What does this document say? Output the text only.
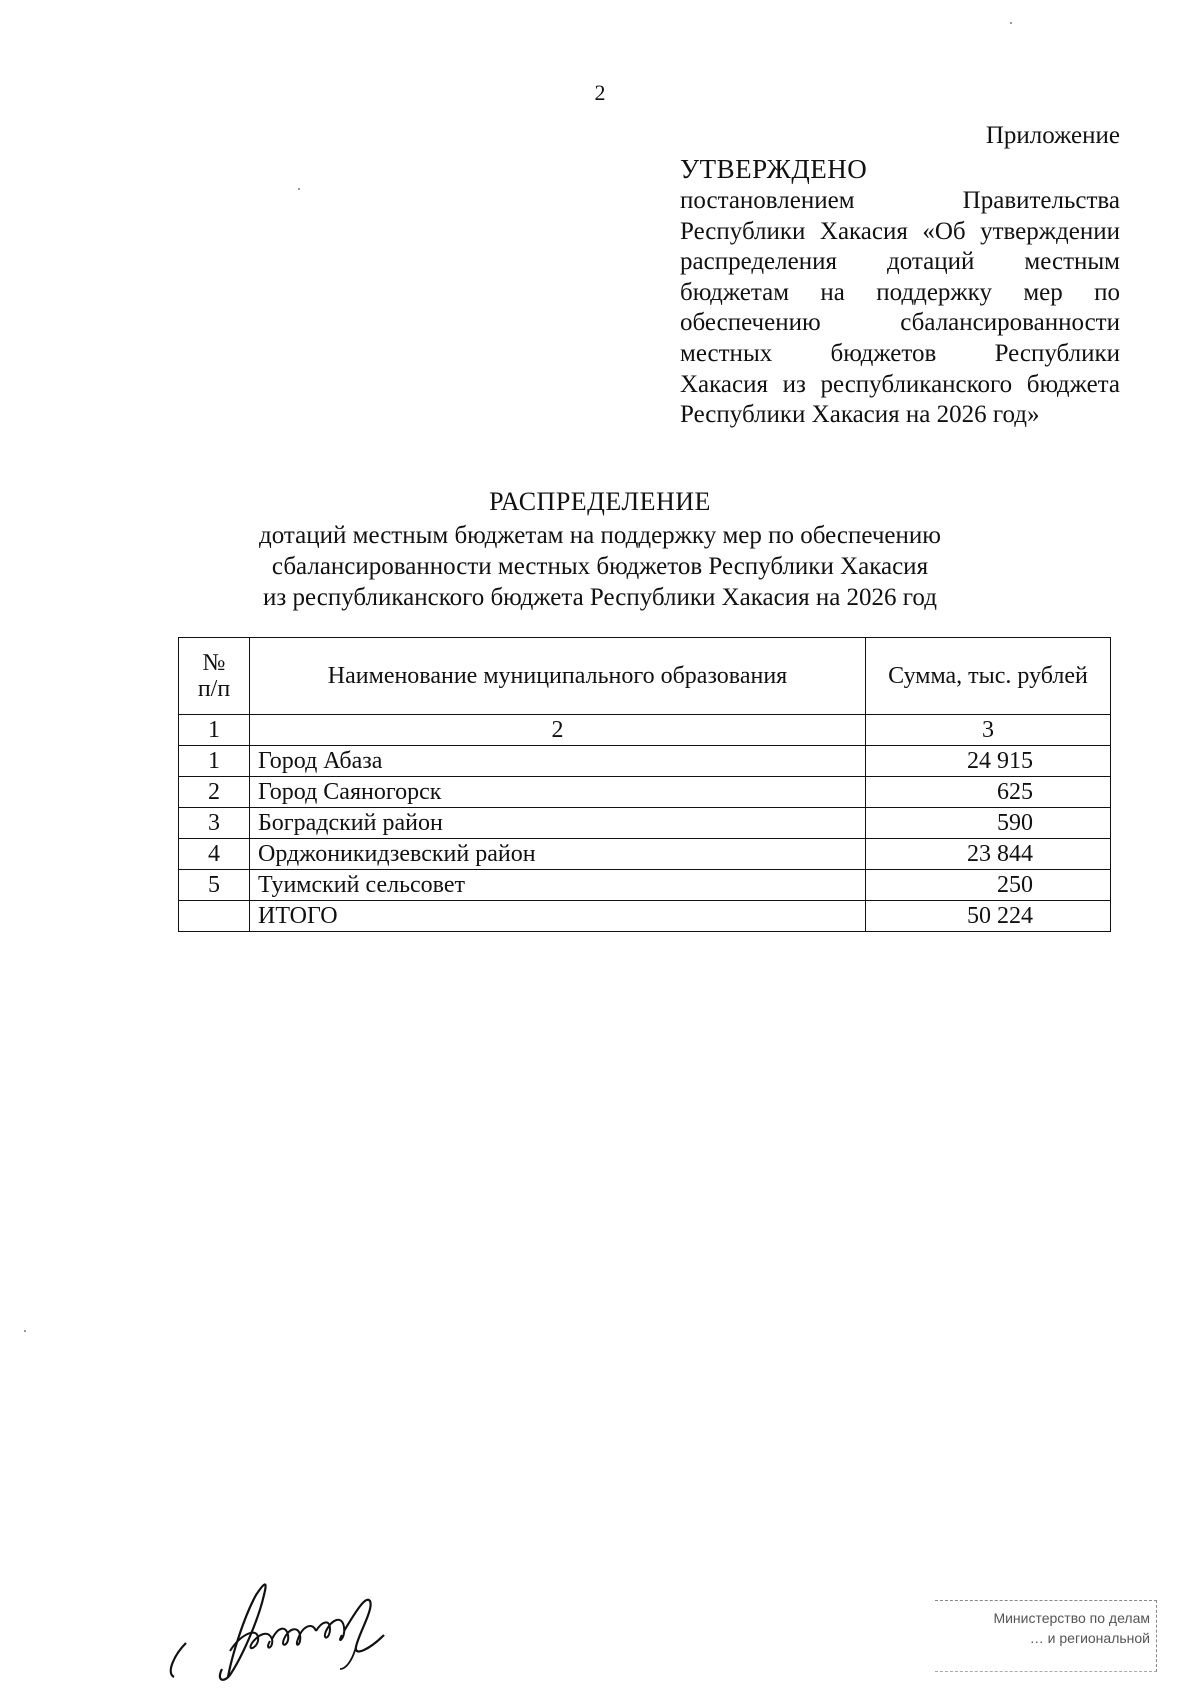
2
Приложение
УТВЕРЖДЕНО
постановлением Правительства
Республики Хакасия «Об утверждении
распределения дотаций местным
бюджетам на поддержку мер по
обеспечению сбалансированности
местных бюджетов Республики
Хакасия из республиканского бюджета
Республики Хакасия на 2026 год»
РАСПРЕДЕЛЕНИЕ
дотаций местным бюджетам на поддержку мер по обеспечению
сбалансированности местных бюджетов Республики Хакасия
из республиканского бюджета Республики Хакасия на 2026 год
№
п/п	Наименование муниципального образования	Сумма, тыс. рублей
1	2	3
1	Город Абаза	24 915
2	Город Саяногорск	625
3	Боградский район	590
4	Орджоникидзевский район	23 844
5	Туимский сельсовет	250
	ИТОГО	50 224
Министерство по делам
… и региональной
